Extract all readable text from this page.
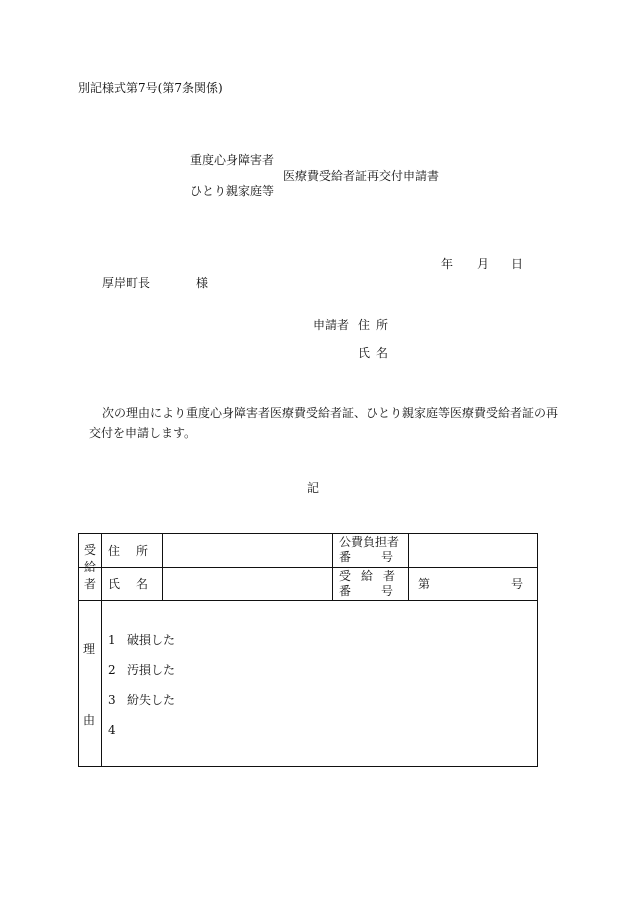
別記様式第7号(第7条関係)
重度心身障害者
医療費受給者証再交付申請書
ひとり親家庭等
年 月 日
厚岸町長	様
申請者 住所
氏名
次の理由により重度心身障害者医療費受給者証、ひとり親家庭等医療費受給者証の再
交付を申請します。
記
受
給
者
住所
公費負担者
番号
氏名
受給者
番号
第	号
理
由
1 破損した
2 汚損した
3 紛失した
4
